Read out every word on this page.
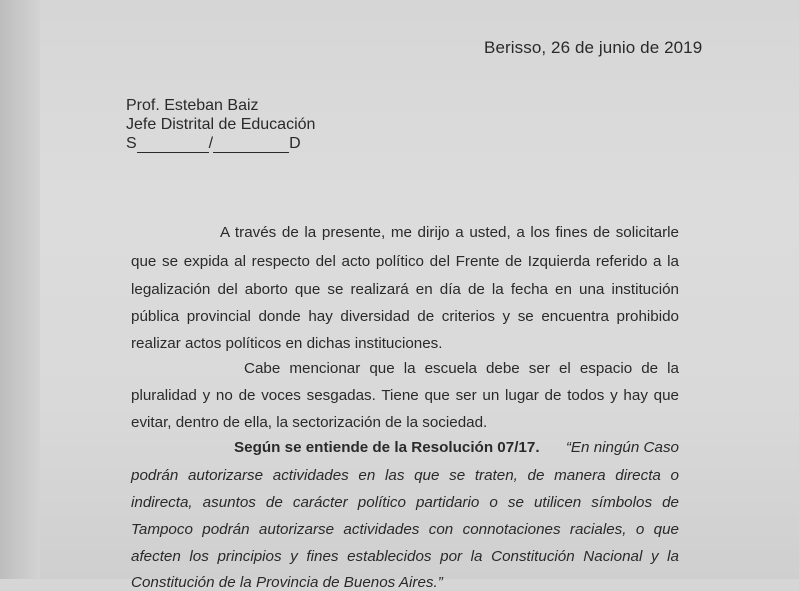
Berisso, 26 de junio de 2019
Prof. Esteban Baiz
Jefe Distrital de Educación
S	/	D
A través de la presente, me dirijo a usted, a los fines de solicitarle
que se expida al respecto del acto político del Frente de Izquierda referido a la
legalización del aborto que se realizará en día de la fecha en una institución
pública provincial donde hay diversidad de criterios y se encuentra prohibido
realizar actos políticos en dichas instituciones.
Cabe mencionar que la escuela debe ser el espacio de la
pluralidad y no de voces sesgadas. Tiene que ser un lugar de todos y hay que
evitar, dentro de ella, la sectorización de la sociedad.
Según se entiende de la Resolución 07/17. “En ningún Caso
podrán autorizarse actividades en las que se traten, de manera directa o
indirecta, asuntos de carácter político partidario o se utilicen símbolos de
Tampoco podrán autorizarse actividades con connotaciones raciales, o que
afecten los principios y fines establecidos por la Constitución Nacional y la
Constitución de la Provincia de Buenos Aires.”
